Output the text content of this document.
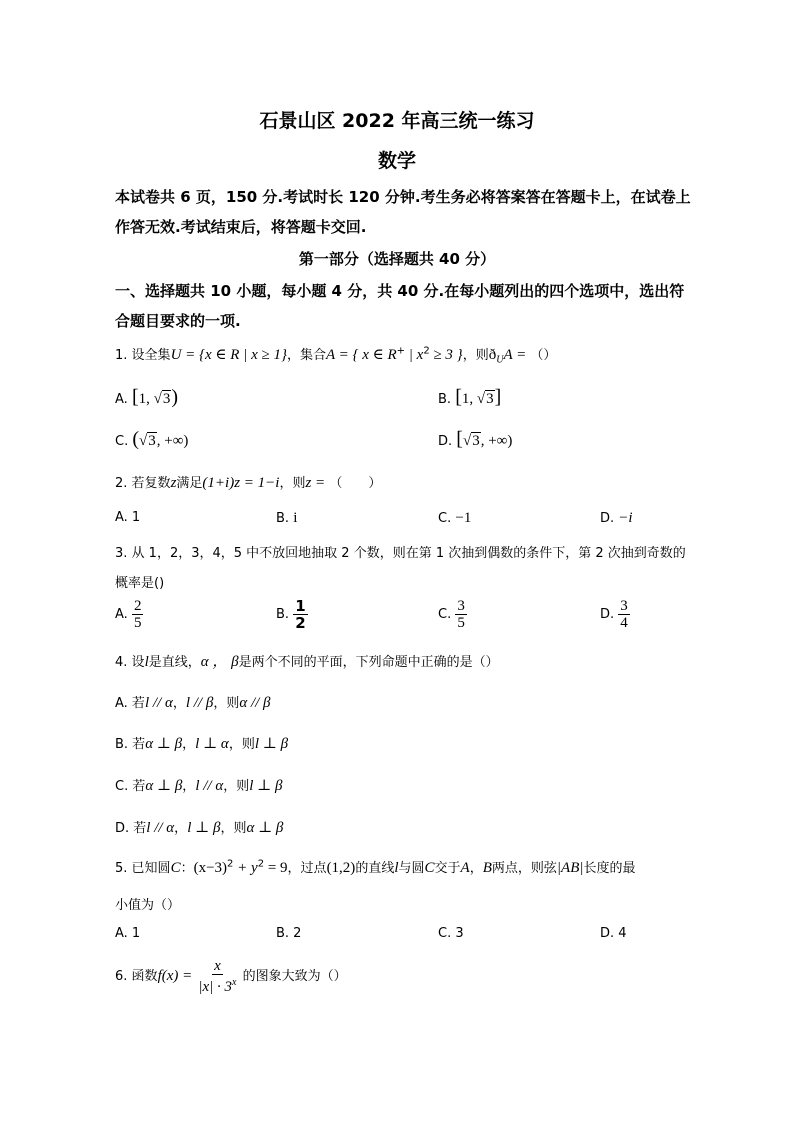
石景山区 2022 年高三统一练习
数学
本试卷共 6 页，150 分.考试时长 120 分钟.考生务必将答案答在答题卡上，在试卷上
作答无效.考试结束后，将答题卡交回.
第一部分（选择题共 40 分）
一、选择题共 10 小题，每小题 4 分，共 40 分.在每小题列出的四个选项中，选出符
合题目要求的一项.
1. 设全集U = {x ∈ R | x ≥ 1}，集合A = { x ∈ R+ | $x^2 \ge 3$ }，则$ð_UA$ = （）
A. [1, √3)	B. [1, √3]
C. (√3, +∞)	D. [√3, +∞)
2. 若复数z满足(1+i)z = 1−i，则z = （　　）
A. 1	B. i	C. −1	D. −i
3. 从 1，2，3，4，5 中不放回地抽取 2 个数，则在第 1 次抽到偶数的条件下，第 2 次抽到奇数的
概率是()
A. $\frac{2}{5}$	B. $\frac{1}{2}$	C. $\frac{3}{5}$	D. $\frac{3}{4}$
4. 设l是直线，α ， β是两个不同的平面，下列命题中正确的是（）
A. 若l // α，l // β，则α // β
B. 若α ⊥ β，l ⊥ α，则l ⊥ β
C. 若α ⊥ β，l // α，则l ⊥ β
D. 若l // α，l ⊥ β，则α ⊥ β
5. 已知圆C：$(x-3)^2 + y^2 = 9$，过点(1,2)的直线l与圆C交于A，B两点，则弦|AB|长度的最
小值为（）
A. 1	B. 2	C. 3	D. 4
6. 函数$f(x) = \frac{x}{|x| \cdot 3^x}$ 的图象大致为（）
